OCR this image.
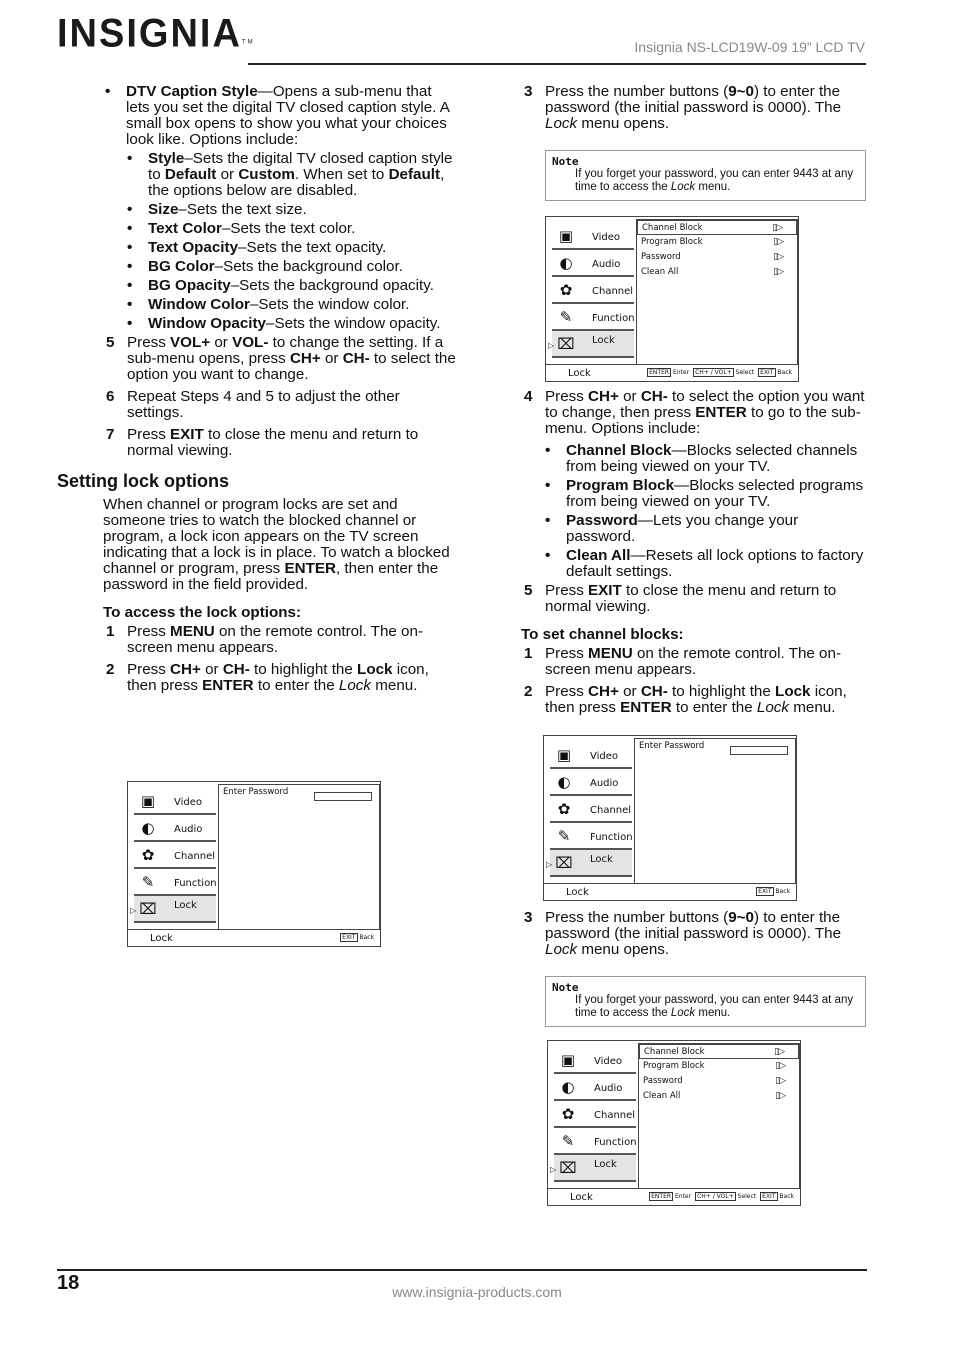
INSIGNIA™	Insignia NS-LCD19W-09 19” LCD TV
• DTV Caption Style—Opens a sub-menu that lets you set the digital TV closed caption style. A small box opens to show you what your choices look like. Options include:
• Style–Sets the digital TV closed caption style to Default or Custom. When set to Default, the options below are disabled.
• Size–Sets the text size.
• Text Color–Sets the text color.
• Text Opacity–Sets the text opacity.
• BG Color–Sets the background color.
• BG Opacity–Sets the background opacity.
• Window Color–Sets the window color.
• Window Opacity–Sets the window opacity.
5 Press VOL+ or VOL- to change the setting. If a sub-menu opens, press CH+ or CH- to select the option you want to change.
6 Repeat Steps 4 and 5 to adjust the other settings.
7 Press EXIT to close the menu and return to normal viewing.
Setting lock options
When channel or program locks are set and someone tries to watch the blocked channel or program, a lock icon appears on the TV screen indicating that a lock is in place. To watch a blocked channel or program, press ENTER, then enter the password in the field provided.
To access the lock options:
1 Press MENU on the remote control. The on-screen menu appears.
2 Press CH+ or CH- to highlight the Lock icon, then press ENTER to enter the Lock menu.
▣ Video
◐	Audio
✿	Channel
✎	Function
▷ ⌧ Lock
Enter Password
Lock	EXIT Back
3 Press the number buttons (9~0) to enter the password (the initial password is 0000). The Lock menu opens.
Note
If you forget your password, you can enter 9443 at any time to access the Lock menu.
▣ Video
◐	Audio
✿	Channel
✎	Function
▷ ⌧ Lock
Channel Block	▯▷
Program Block	▯▷
Password	▯▷
Clean All	▯▷
Lock	ENTER Enter CH+ / VOL+ Select EXIT Back
4 Press CH+ or CH- to select the option you want to change, then press ENTER to go to the sub-menu. Options include:
• Channel Block—Blocks selected channels from being viewed on your TV.
• Program Block—Blocks selected programs from being viewed on your TV.
• Password—Lets you change your password.
• Clean All—Resets all lock options to factory default settings.
5 Press EXIT to close the menu and return to normal viewing.
To set channel blocks:
1 Press MENU on the remote control. The on-screen menu appears.
2 Press CH+ or CH- to highlight the Lock icon, then press ENTER to enter the Lock menu.
▣ Video
◐	Audio
✿	Channel
✎	Function
▷ ⌧ Lock
Enter Password
Lock	EXIT Back
3 Press the number buttons (9~0) to enter the password (the initial password is 0000). The Lock menu opens.
Note
If you forget your password, you can enter 9443 at any time to access the Lock menu.
▣ Video
◐	Audio
✿	Channel
✎	Function
▷ ⌧ Lock
Channel Block	▯▷
Program Block	▯▷
Password	▯▷
Clean All	▯▷
Lock	ENTER Enter CH+ / VOL+ Select EXIT Back
18	www.insignia-products.com
